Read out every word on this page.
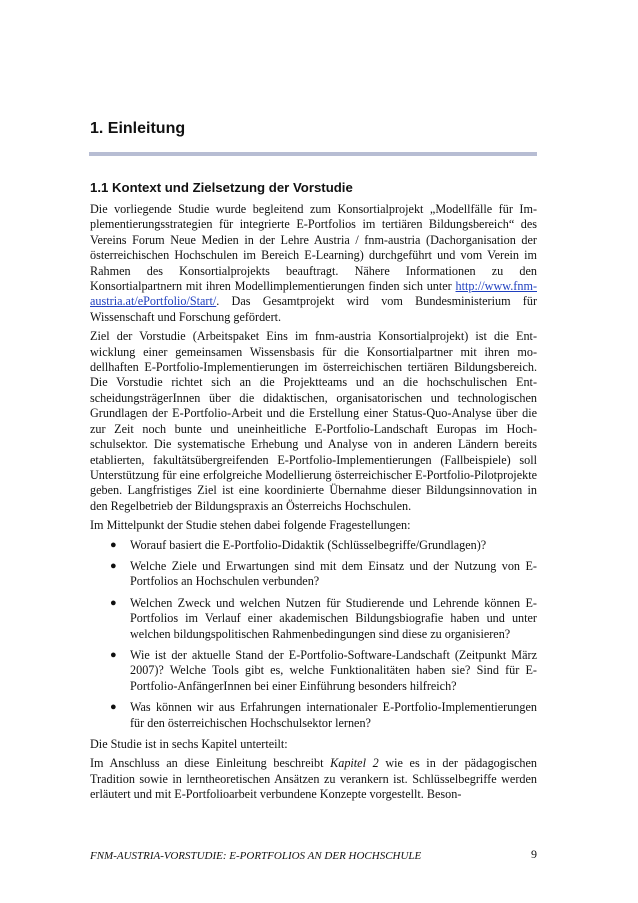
1. Einleitung
1.1 Kontext und Zielsetzung der Vorstudie

Die vorliegende Studie wurde begleitend zum Konsortialprojekt „Modellfälle für Implementierungsstrategien für integrierte E-Portfolios im tertiären Bildungsbereich“ des Vereins Forum Neue Medien in der Lehre Austria / fnm-austria (Dachorganisation der österreichischen Hochschulen im Bereich E-Learning) durchgeführt und vom Verein im Rahmen des Konsortialprojekts beauftragt. Nähere Informationen zu den Konsortialpartnern mit ihren Modellimplementierungen finden sich unter http://www.fnm-austria.at/ePortfolio/Start/. Das Gesamtprojekt wird vom Bundesministerium für Wissenschaft und Forschung gefördert.

Ziel der Vorstudie (Arbeitspaket Eins im fnm-austria Konsortialprojekt) ist die Entwicklung einer gemeinsamen Wissensbasis für die Konsortialpartner mit ihren modellhaften E-Portfolio-Implementierungen im österreichischen tertiären Bildungsbereich. Die Vorstudie richtet sich an die Projektteams und an die hochschulischen EntscheidungsträgerInnen über die didaktischen, organisatorischen und technologischen Grundlagen der E-Portfolio-Arbeit und die Erstellung einer Status-Quo-Analyse über die zur Zeit noch bunte und uneinheitliche E-Portfolio-Landschaft Europas im Hochschulsektor. Die systematische Erhebung und Analyse von in anderen Ländern bereits etablierten, fakultätsübergreifenden E-Portfolio-Implementierungen (Fallbeispiele) soll Unterstützung für eine erfolgreiche Modellierung österreichischer E-Portfolio-Pilotprojekte geben. Langfristiges Ziel ist eine koordinierte Übernahme dieser Bildungsinnovation in den Regelbetrieb der Bildungspraxis an Österreichs Hochschulen.

Im Mittelpunkt der Studie stehen dabei folgende Fragestellungen:

● Worauf basiert die E-Portfolio-Didaktik (Schlüsselbegriffe/Grundlagen)?
● Welche Ziele und Erwartungen sind mit dem Einsatz und der Nutzung von E-Portfolios an Hochschulen verbunden?
● Welchen Zweck und welchen Nutzen für Studierende und Lehrende können E-Portfolios im Verlauf einer akademischen Bildungsbiografie haben und unter welchen bildungspolitischen Rahmenbedingungen sind diese zu organisieren?
● Wie ist der aktuelle Stand der E-Portfolio-Software-Landschaft (Zeitpunkt März 2007)? Welche Tools gibt es, welche Funktionalitäten haben sie? Sind für E-Portfolio-AnfängerInnen bei einer Einführung besonders hilfreich?
● Was können wir aus Erfahrungen internationaler E-Portfolio-Implementierungen für den österreichischen Hochschulsektor lernen?

Die Studie ist in sechs Kapitel unterteilt:

Im Anschluss an diese Einleitung beschreibt Kapitel 2 wie es in der pädagogischen Tradition sowie in lerntheoretischen Ansätzen zu verankern ist. Schlüsselbegriffe werden erläutert und mit E-Portfolioarbeit verbundene Konzepte vorgestellt. Beson-

FNM-AUSTRIA-VORSTUDIE: E-PORTFOLIOS AN DER HOCHSCHULE	9
